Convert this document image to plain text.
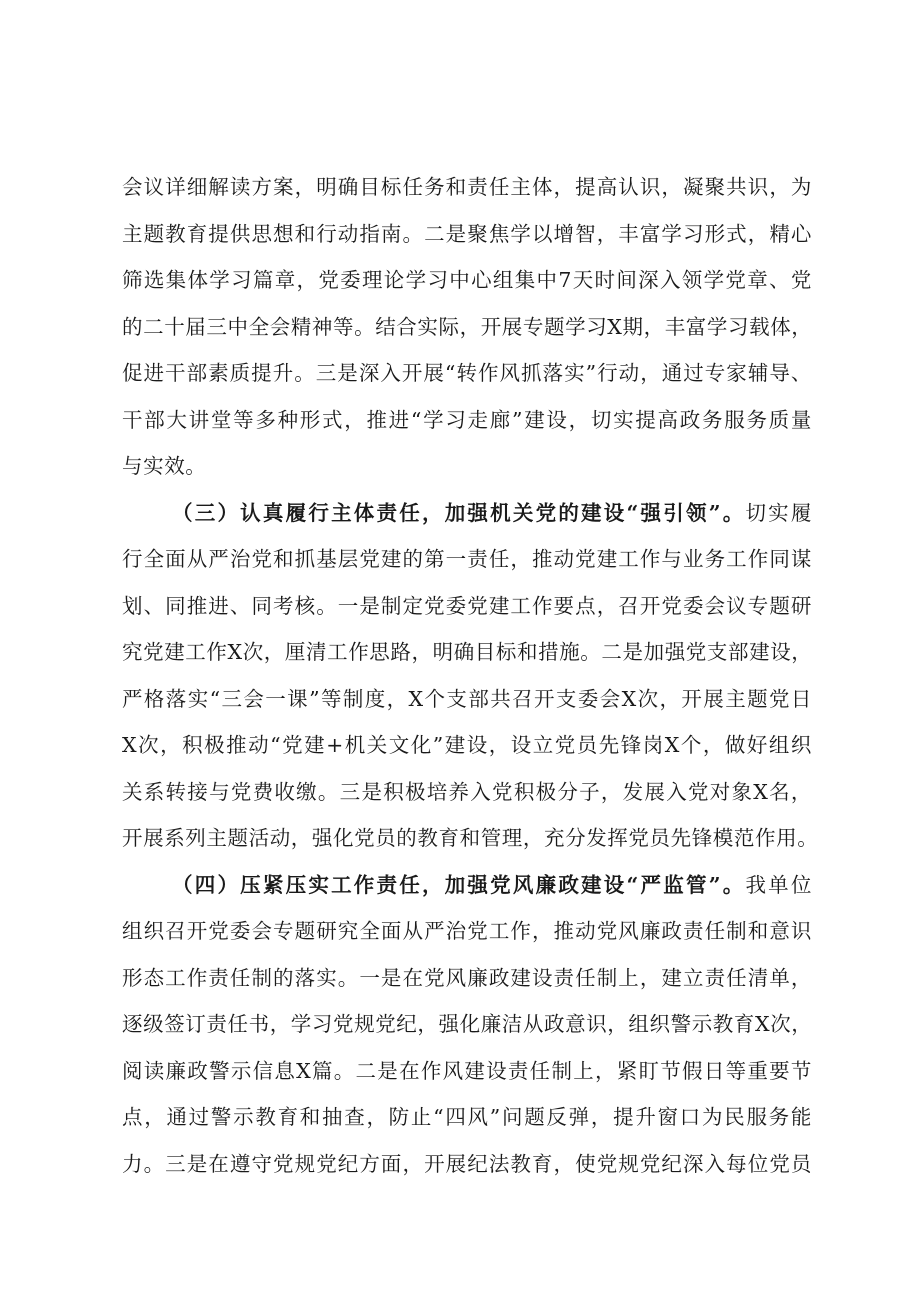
会议详细解读方案，明确目标任务和责任主体，提高认识，凝聚共识，为
主题教育提供思想和行动指南。二是聚焦学以增智，丰富学习形式，精心
筛选集体学习篇章，党委理论学习中心组集中7天时间深入领学党章、党
的二十届三中全会精神等。结合实际，开展专题学习X期，丰富学习载体，
促进干部素质提升。三是深入开展“转作风抓落实”行动，通过专家辅导、
干部大讲堂等多种形式，推进“学习走廊”建设，切实提高政务服务质量
与实效。
（三）认真履行主体责任，加强机关党的建设“强引领”。切实履
行全面从严治党和抓基层党建的第一责任，推动党建工作与业务工作同谋
划、同推进、同考核。一是制定党委党建工作要点，召开党委会议专题研
究党建工作X次，厘清工作思路，明确目标和措施。二是加强党支部建设，
严格落实“三会一课”等制度，X个支部共召开支委会X次，开展主题党日
X次，积极推动“党建+机关文化”建设，设立党员先锋岗X个，做好组织
关系转接与党费收缴。三是积极培养入党积极分子，发展入党对象X名，
开展系列主题活动，强化党员的教育和管理，充分发挥党员先锋模范作用。
（四）压紧压实工作责任，加强党风廉政建设“严监管”。我单位
组织召开党委会专题研究全面从严治党工作，推动党风廉政责任制和意识
形态工作责任制的落实。一是在党风廉政建设责任制上，建立责任清单，
逐级签订责任书，学习党规党纪，强化廉洁从政意识，组织警示教育X次，
阅读廉政警示信息X篇。二是在作风建设责任制上，紧盯节假日等重要节
点，通过警示教育和抽查，防止“四风”问题反弹，提升窗口为民服务能
力。三是在遵守党规党纪方面，开展纪法教育，使党规党纪深入每位党员
